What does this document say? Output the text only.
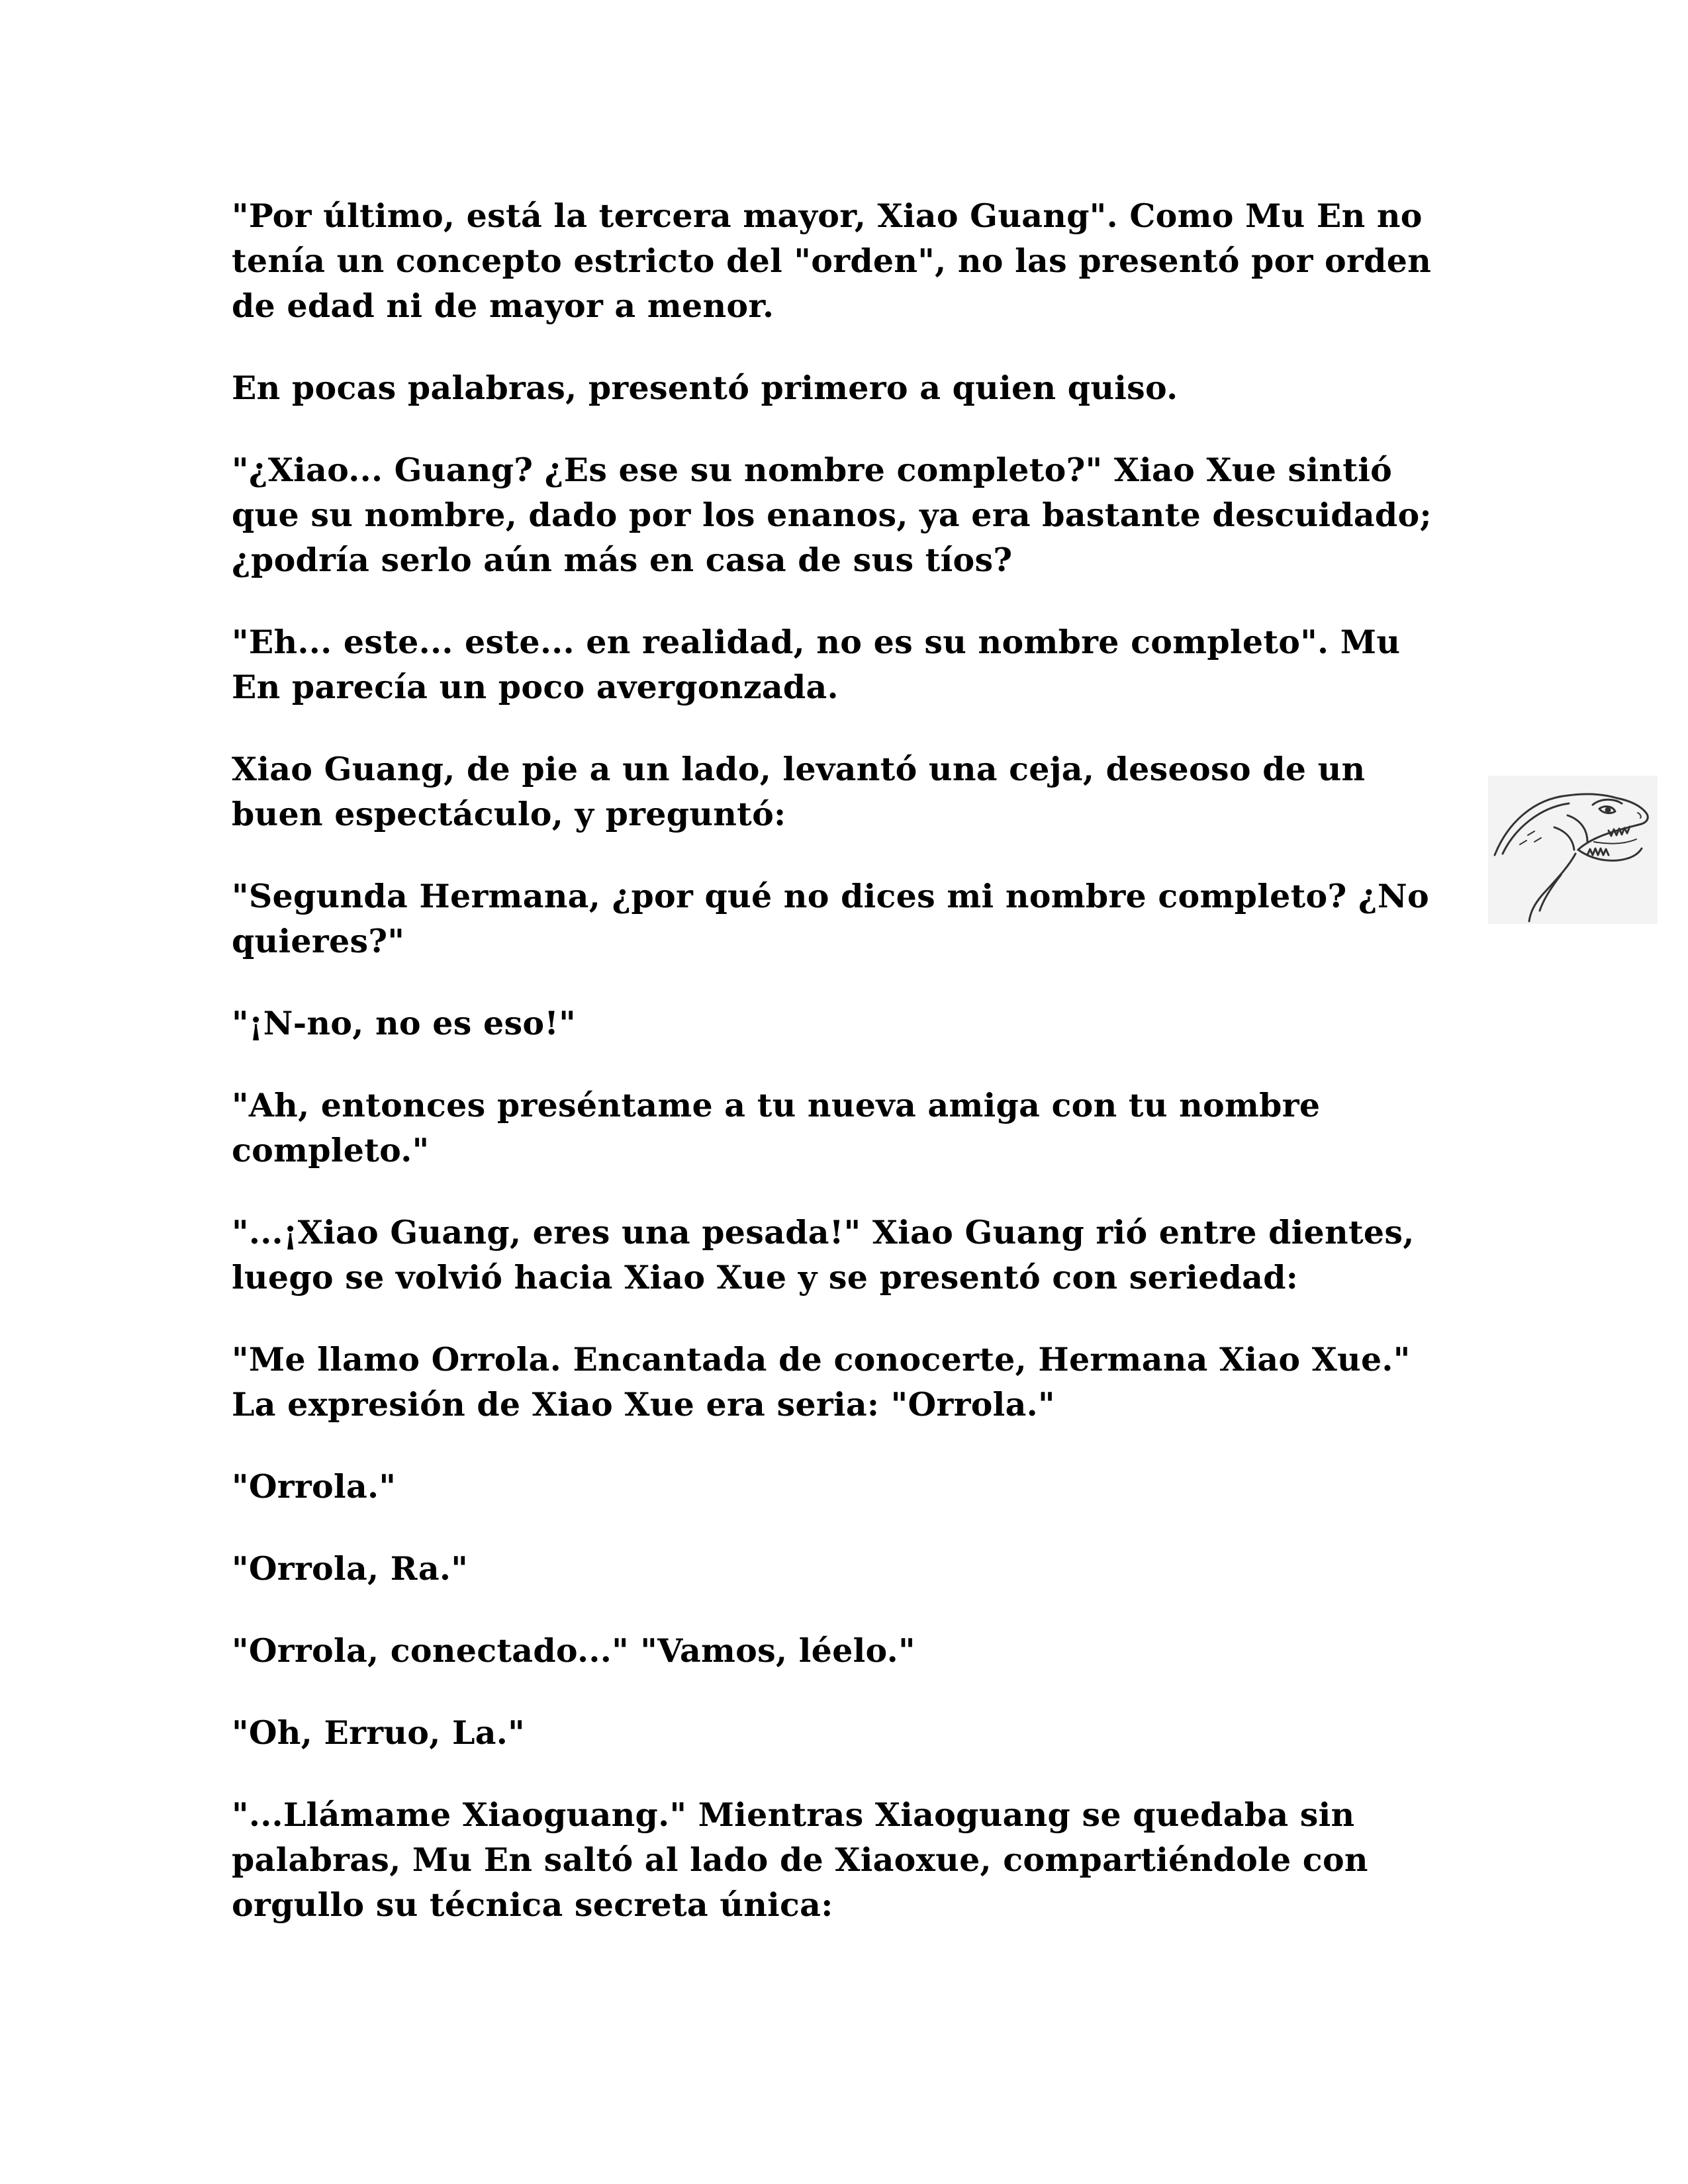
"Por último, está la tercera mayor, Xiao Guang". Como Mu En no tenía un concepto estricto del "orden", no las presentó por orden de edad ni de mayor a menor.

En pocas palabras, presentó primero a quien quiso.

"¿Xiao... Guang? ¿Es ese su nombre completo?" Xiao Xue sintió que su nombre, dado por los enanos, ya era bastante descuidado; ¿podría serlo aún más en casa de sus tíos?

"Eh... este... este... en realidad, no es su nombre completo". Mu En parecía un poco avergonzada.

Xiao Guang, de pie a un lado, levantó una ceja, deseoso de un buen espectáculo, y preguntó:

"Segunda Hermana, ¿por qué no dices mi nombre completo? ¿No quieres?"

"¡N-no, no es eso!"

"Ah, entonces preséntame a tu nueva amiga con tu nombre completo."

"...¡Xiao Guang, eres una pesada!" Xiao Guang rió entre dientes, luego se volvió hacia Xiao Xue y se presentó con seriedad:

"Me llamo Orrola. Encantada de conocerte, Hermana Xiao Xue." La expresión de Xiao Xue era seria: "Orrola."

"Orrola."

"Orrola, Ra."

"Orrola, conectado..." "Vamos, léelo."

"Oh, Erruo, La."

"...Llámame Xiaoguang." Mientras Xiaoguang se quedaba sin palabras, Mu En saltó al lado de Xiaoxue, compartiéndole con orgullo su técnica secreta única:
